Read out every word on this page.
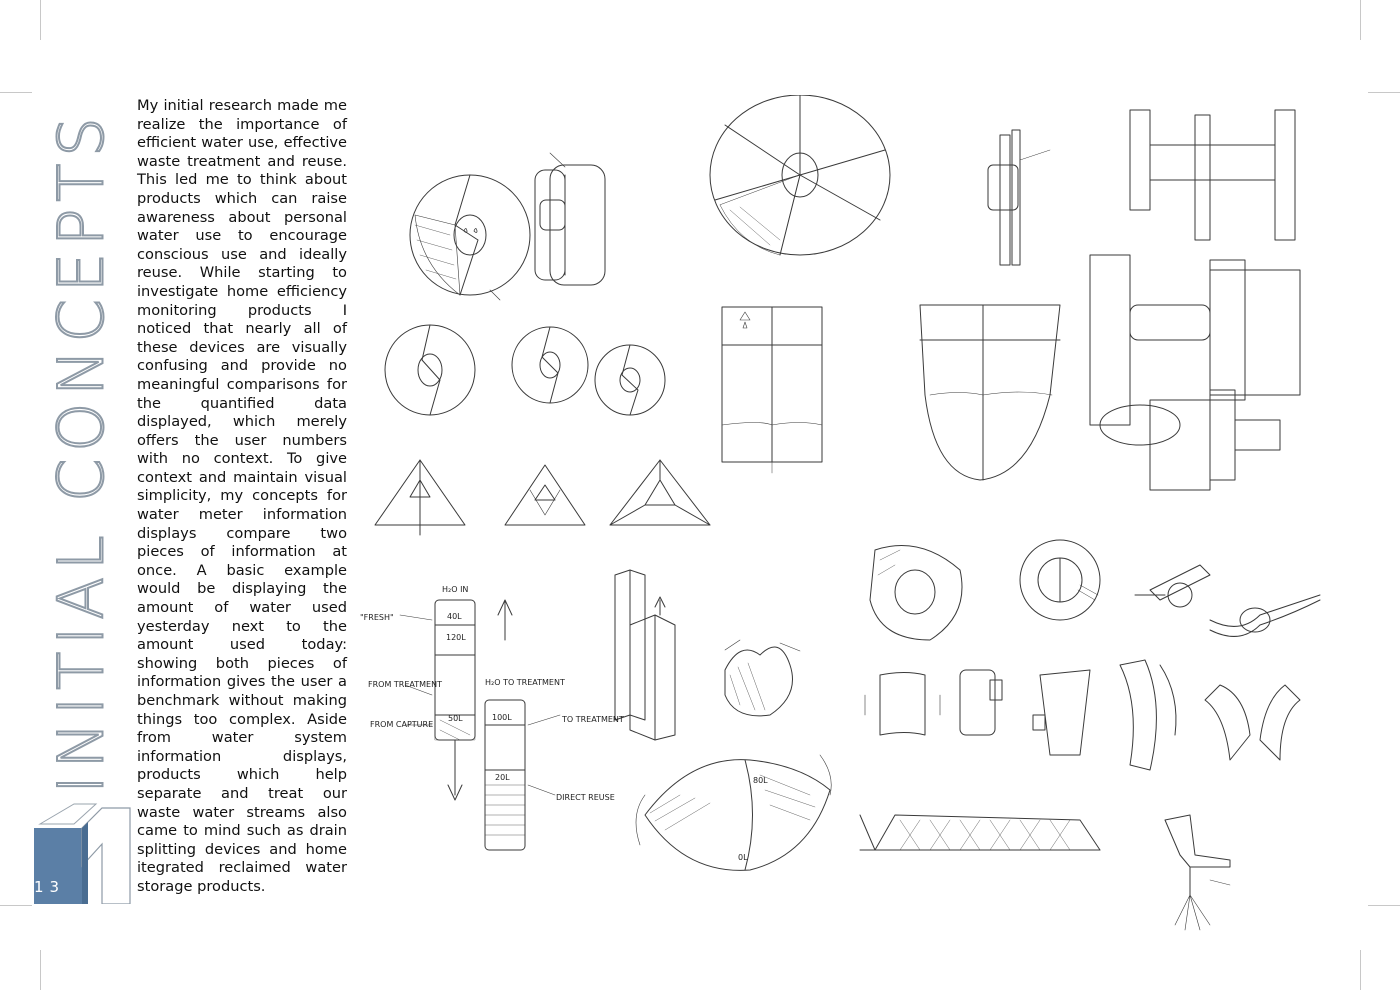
INITIAL CONCEPTS
13

My initial research made me realize the importance of efficient water use, effective waste treatment and reuse. This led me to think about products which can raise awareness about personal water use to encourage conscious use and ideally reuse. While starting to investigate home efficiency monitoring products I noticed that nearly all of these devices are visually confusing and provide no meaningful comparisons for the quantified data displayed, which merely offers the user numbers with no context. To give context and maintain visual simplicity, my concepts for water meter information displays compare two pieces of information at once. A basic example would be displaying the amount of water used yesterday next to the amount used today: showing both pieces of information gives the user a benchmark without making things too complex. Aside from water system information displays, products which help separate and treat our waste water streams also came to mind such as drain splitting devices and home itegrated reclaimed water storage products.

"FRESH"
H₂O IN
FROM TREATMENT
FROM CAPTURE
H₂O TO TREATMENT
TO TREATMENT
DIRECT REUSE
40L
120L
50L	100L
20L	80L
0L
